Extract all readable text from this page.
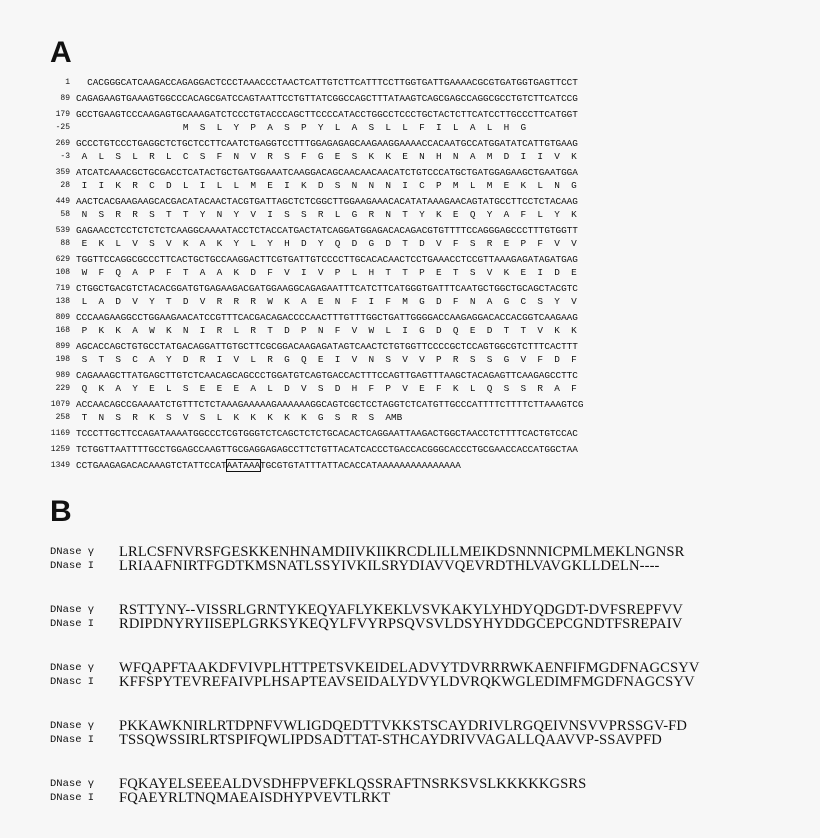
A
1 CACGGGCATCAAGACCAGAGGACTCCCTAAACCCTAACTCATTGTCTTCATTTCCTTGGTGATTGAAAACGCGTGATGGTGAGTTCCT
89 CAGAGAAGTGAAAGTGGCCCACAGCGATCCAGTAATTCCTGTTATCGGCCAGCTTTATAAGTCAGCGAGCCAGGCGCCTGTCTTCATCCG
179 GCCTGAAGTCCCAAGAGTGCAAAGATCTCCCTGTACCCAGCTTCCCCATACCTGGCCTCCCTGCTACTCTTCATCCTTGCCCTTCATGGT
-25 M  S  L  Y  P  A  S  P  Y  L  A  S  L  L  F  I  L  A  L  H  G
269 GCCCTGTCCCTGAGGCTCTGCTCCTTCAATCTGAGGTCCTTTGGAGAGAGCAAGAAGGAAAACCACAATGCCATGGATATCATTGTGAAG
-3 A  L  S  L  R  L  C  S  F  N  V  R  S  F  G  E  S  K  K  E  N  H  N  A  M  D  I  I  V  K
359 ATCATCAAACGCTGCGACCTCATACTGCTGATGGAAATCAAGGACAGCAACAACAACATCTGTCCCATGCTGATGGAGAAGCTGAATGGA
28 I  I  K  R  C  D  L  I  L  L  M  E  I  K  D  S  N  N  N  I  C  P  M  L  M  E  K  L  N  G
449 AACTCACGAAGAAGCACGACATACAACTACGTGATTAGCTCTCGGCTTGGAAGAAACACATATAAAGAACAGTATGCCTTCCTCTACAAG
58 N  S  R  R  S  T  T  Y  N  Y  V  I  S  S  R  L  G  R  N  T  Y  K  E  Q  Y  A  F  L  Y  K
539 GAGAACCTCCTCTCTCTCAAGGCAAAATACCTCTACCATGACTATCAGGATGGAGACACAGACGTGTTTTCCAGGGAGCCCTTTGTGGTT
88 E  K  L  V  S  V  K  A  K  Y  L  Y  H  D  Y  Q  D  G  D  T  D  V  F  S  R  E  P  F  V  V
629 TGGTTCCAGGCGCCCTTCACTGCTGCCAAGGACTTCGTGATTGTCCCCTTGCACACAACTCCTGAAACCTCCGTTAAAGAGATAGATGAG
108 W  F  Q  A  P  F  T  A  A  K  D  F  V  I  V  P  L  H  T  T  P  E  T  S  V  K  E  I  D  E
719 CTGGCTGACGTCTACACGGATGTGAGAAGACGATGGAAGGCAGAGAATTTCATCTTCATGGGTGATTTCAATGCTGGCTGCAGCTACGTC
138 L  A  D  V  Y  T  D  V  R  R  R  W  K  A  E  N  F  I  F  M  G  D  F  N  A  G  C  S  Y  V
809 CCCAAGAAGGCCTGGAAGAACATCCGTTTCACGACAGACCCCAACTTTGTTTGGCTGATTGGGGACCAAGAGGACACCACGGTCAAGAAG
168 P  K  K  A  W  K  N  I  R  L  R  T  D  P  N  F  V  W  L  I  G  D  Q  E  D  T  T  V  K  K
899 AGCACCAGCTGTGCCTATGACAGGATTGTGCTTCGCGGACAAGAGATAGTCAACTCTGTGGTTCCCCGCTCCAGTGGCGTCTTTCACTTT
198 S  T  S  C  A  Y  D  R  I  V  L  R  G  Q  E  I  V  N  S  V  V  P  R  S  S  G  V  F  D  F
989 CAGAAAGCTTATGAGCTTGTCTCAACAGCAGCCCTGGATGTCAGTGACCACTTTCCAGTTGAGTTTAAGCTACAGAGTTCAAGAGCCTTC
229 Q  K  A  Y  E  L  S  E  E  E  A  L  D  V  S  D  H  F  P  V  E  F  K  L  Q  S  S  R  A  F
1079 ACCAACAGCCGAAAATCTGTTTCTCTAAAGAAAAAGAAAAAAGGCAGTCGCTCCTAGGTCTCATGTTGCCCATTTTCTTTTCTTAAAGTCG
258 T  N  S  R  K  S  V  S  L  K  K  K  K  K  G  S  R  S  AMB
1169 TCCCTTGCTTCCAGATAAAATGGCCCTCGTGGGTCTCAGCTCTCTGCACACTCAGGAATTAAGACTGGCTAACCTCTTTTCACTGTCCAC
1259 TCTGGTTAATTTTGCCTGGAGCCAAGTTGCGAGGAGAGCCTTCTGTTACATCACCCTGACCACGGGCACCCTGCGAACCACCATGGCTAA
1349 CCTGAAGAGACACAAAGTCTATTCCATAATAAATGCGTGTATTTATTACACCATAAAAAAAAAAAAAAA
B
DNase γ LRLCSFNVRSFGESKKENHNAMDIIVKIIKRCDLILLMEIKDSNNNICPMLMEKLNGNSR
DNase I LRIAAFNIRTFGDTKMSNATLSSYIVKILSRYDIAVVQEVRDTHLVAVGKLLDELN----
DNase γ RSTTYNY--VISSRLGRNTYKEQYAFLYKEKLVSVKAKYLYHDYQDGDT-DVFSREPFVV
DNase I RDIPDNYRYIISEPLGRKSYKEQYLFVYRPSQVSVLDSYHYDDGCEPCGNDTFSREPAIV
DNase γ WFQAPFTAAKDFVIVPLHTTPETSVKEIDELADVYTDVRRRWKAENFIFMGDFNAGCSYV
DNasc I KFFSPYTEVREFAIVPLHSAPTEAVSEIDALYDVYLDVRQKWGLEDIMFMGDFNAGCSYV
DNase γ PKKAWKNIRLRTDPNFVWLIGDQEDTTVKKSTSCAYDRIVLRGQEIVNSVVPRSSGV-FD
DNase I TSSQWSSIRLRTSPIFQWLIPDSADTTAT-STHCAYDRIVVAGALLQAAVVP-SSAVPFD
DNase γ FQKAYELSEEEALDVSDHFPVEFKLQSSRAFTNSRKSVSLKKKKKGSRS
DNase I FQAEYRLTNQMAEAISDHYPVEVTLRKT
